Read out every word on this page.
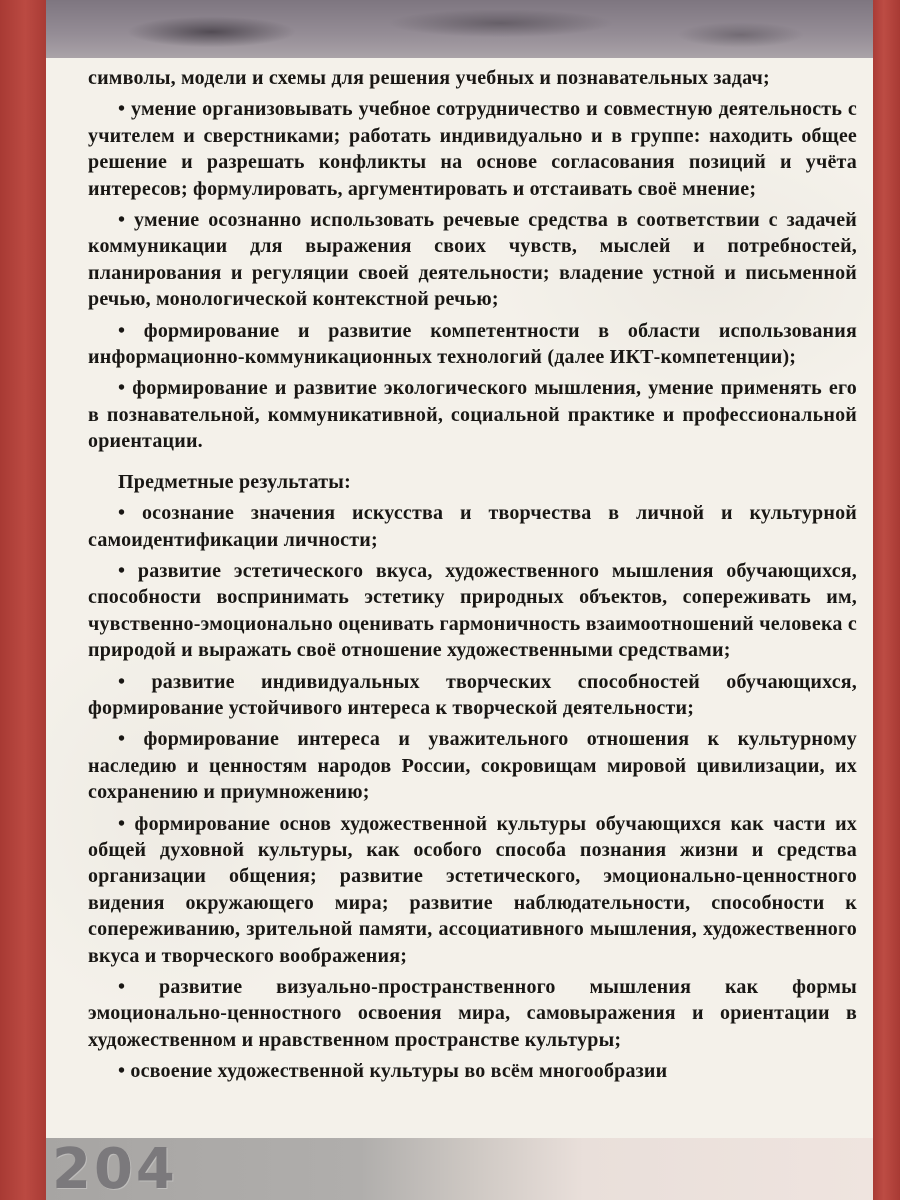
символы, модели и схемы для решения учебных и познавательных задач;

• умение организовывать учебное сотрудничество и совместную деятельность с учителем и сверстниками; работать индивидуально и в группе: находить общее решение и разрешать конфликты на основе согласования позиций и учёта интересов; формулировать, аргументировать и отстаивать своё мнение;

• умение осознанно использовать речевые средства в соответствии с задачей коммуникации для выражения своих чувств, мыслей и потребностей, планирования и регуляции своей деятельности; владение устной и письменной речью, монологической контекстной речью;

• формирование и развитие компетентности в области использования информационно-коммуникационных технологий (далее ИКТ-компетенции);

• формирование и развитие экологического мышления, умение применять его в познавательной, коммуникативной, социальной практике и профессиональной ориентации.

Предметные результаты:

• осознание значения искусства и творчества в личной и культурной самоидентификации личности;

• развитие эстетического вкуса, художественного мышления обучающихся, способности воспринимать эстетику природных объектов, сопереживать им, чувственно-эмоционально оценивать гармоничность взаимоотношений человека с природой и выражать своё отношение художественными средствами;

• развитие индивидуальных творческих способностей обучающихся, формирование устойчивого интереса к творческой деятельности;

• формирование интереса и уважительного отношения к культурному наследию и ценностям народов России, сокровищам мировой цивилизации, их сохранению и приумножению;

• формирование основ художественной культуры обучающихся как части их общей духовной культуры, как особого способа познания жизни и средства организации общения; развитие эстетического, эмоционально-ценностного видения окружающего мира; развитие наблюдательности, способности к сопереживанию, зрительной памяти, ассоциативного мышления, художественного вкуса и творческого воображения;

• развитие визуально-пространственного мышления как формы эмоционально-ценностного освоения мира, самовыражения и ориентации в художественном и нравственном пространстве культуры;

• освоение художественной культуры во всём многообразии

204
